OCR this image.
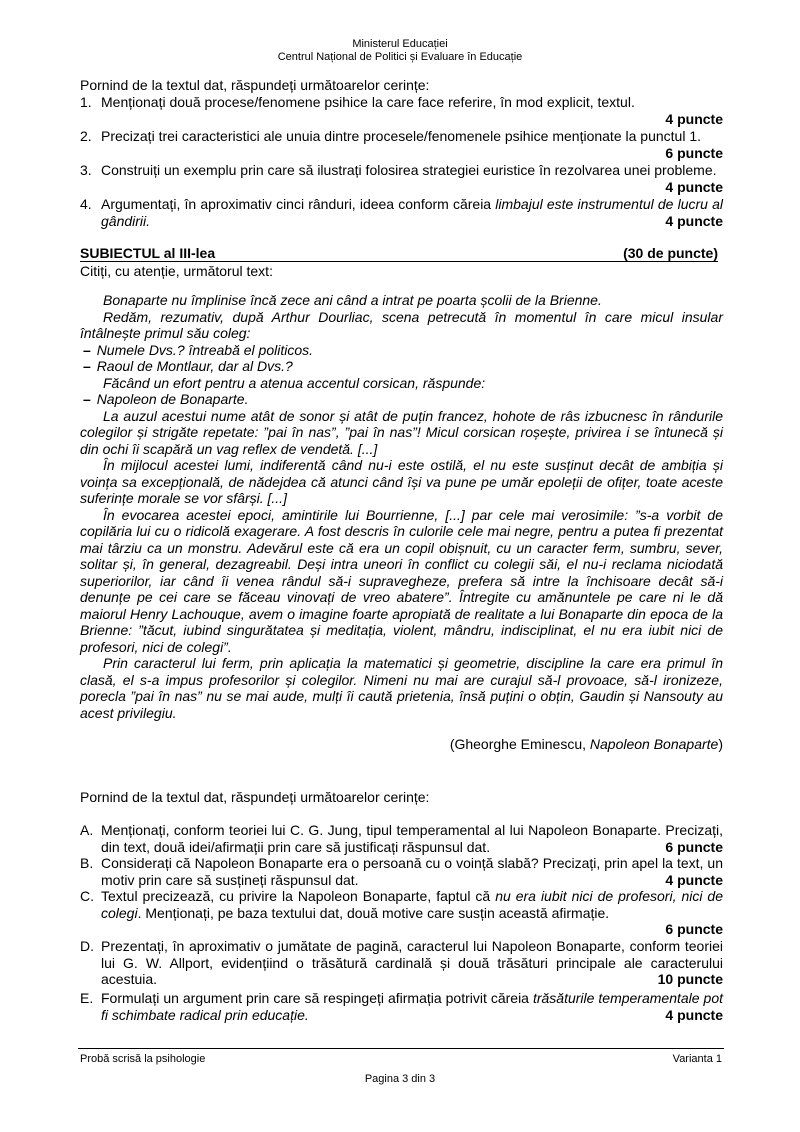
Ministerul Educației
Centrul Național de Politici și Evaluare în Educație
Pornind de la textul dat, răspundeți următoarelor cerințe:
1. Menționați două procese/fenomene psihice la care face referire, în mod explicit, textul.
4 puncte
2. Precizați trei caracteristici ale unuia dintre procesele/fenomenele psihice menționate la punctul 1.
6 puncte
3.
4 puncte
Construiți un exemplu prin care să ilustrați folosirea strategiei euristice în rezolvarea unei probleme.
4.
4 puncte
Argumentați, în aproximativ cinci rânduri, ideea conform căreia limbajul este instrumentul de lucru al gândirii.
SUBIECTUL al III-lea	(30 de puncte)
Citiți, cu atenție, următorul text:

Bonaparte nu împlinise încă zece ani când a intrat pe poarta școlii de la Brienne.

Redăm, rezumativ, după Arthur Dourliac, scena petrecută în momentul în care micul insular întâlnește primul său coleg:

– Numele Dvs.? întreabă el politicos.

– Raoul de Montlaur, dar al Dvs.?

Făcând un efort pentru a atenua accentul corsican, răspunde:

– Napoleon de Bonaparte.

La auzul acestui nume atât de sonor și atât de puțin francez, hohote de râs izbucnesc în rândurile colegilor și strigăte repetate: ”pai în nas”, ”pai în nas”! Micul corsican roșește, privirea i se întunecă și din ochi îi scapără un vag reflex de vendetă. [...]

În mijlocul acestei lumi, indiferentă când nu-i este ostilă, el nu este susținut decât de ambiția și voința sa excepțională, de nădejdea că atunci când își va pune pe umăr epoleții de ofițer, toate aceste suferințe morale se vor sfârși. [...]

În evocarea acestei epoci, amintirile lui Bourrienne, [...] par cele mai verosimile: ”s-a vorbit de copilăria lui cu o ridicolă exagerare. A fost descris în culorile cele mai negre, pentru a putea fi prezentat mai târziu ca un monstru. Adevărul este că era un copil obișnuit, cu un caracter ferm, sumbru, sever, solitar și, în general, dezagreabil. Deși intra uneori în conflict cu colegii săi, el nu-i reclama niciodată superiorilor, iar când îi venea rândul să-i supravegheze, prefera să intre la închisoare decât să-i denunțe pe cei care se făceau vinovați de vreo abatere”. Întregite cu amănuntele pe care ni le dă maiorul Henry Lachouque, avem o imagine foarte apropiată de realitate a lui Bonaparte din epoca de la Brienne: ”tăcut, iubind singurătatea și meditația, violent, mândru, indisciplinat, el nu era iubit nici de profesori, nici de colegi”.

Prin caracterul lui ferm, prin aplicația la matematici și geometrie, discipline la care era primul în clasă, el s-a impus profesorilor și colegilor. Nimeni nu mai are curajul să-l provoace, să-l ironizeze, porecla ”pai în nas” nu se mai aude, mulți îi caută prietenia, însă puțini o obțin, Gaudin și Nansouty au acest privilegiu.

(Gheorghe Eminescu, Napoleon Bonaparte)
Pornind de la textul dat, răspundeți următoarelor cerințe:
A.
6 puncte
Menționați, conform teoriei lui C. G. Jung, tipul temperamental al lui Napoleon Bonaparte. Precizați, din text, două idei/afirmații prin care să justificați răspunsul dat.
B.
4 puncte
Considerați că Napoleon Bonaparte era o persoană cu o voință slabă? Precizați, prin apel la text, un motiv prin care să susțineți răspunsul dat.
C. Textul precizează, cu privire la Napoleon Bonaparte, faptul că nu era iubit nici de profesori, nici de colegi. Menționați, pe baza textului dat, două motive care susțin această afirmație.
6 puncte
D.
10 puncte
Prezentați, în aproximativ o jumătate de pagină, caracterul lui Napoleon Bonaparte, conform teoriei lui G. W. Allport, evidențiind o trăsătură cardinală și două trăsături principale ale caracterului acestuia.
E.
4 puncte
Formulați un argument prin care să respingeți afirmația potrivit căreia trăsăturile temperamentale pot fi schimbate radical prin educație.
Probă scrisă la psihologie	Varianta 1
Pagina 3 din 3
